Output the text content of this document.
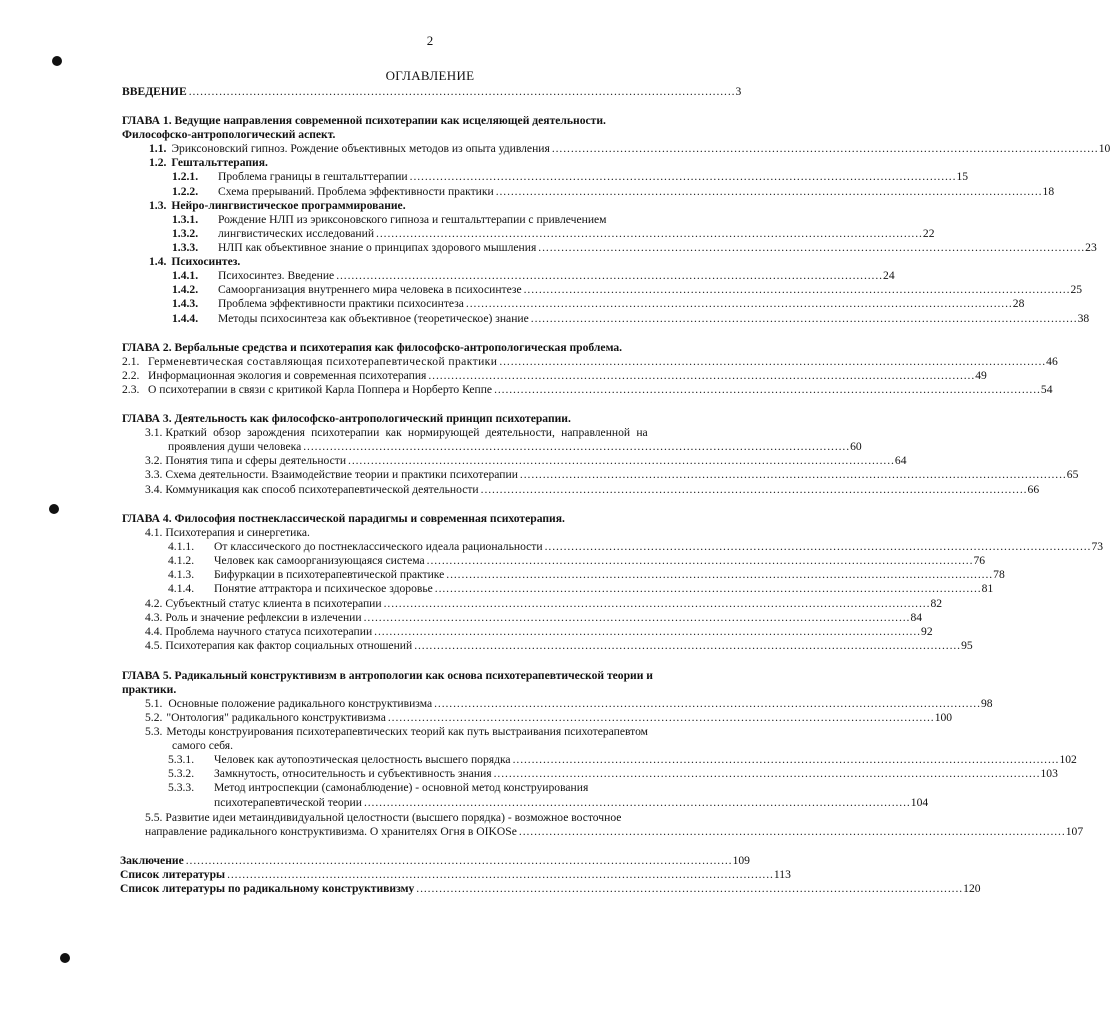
2
ОГЛАВЛЕНИЕ
ВВЕДЕНИЕ . . .	3
ГЛАВА 1. Ведущие направления современной психотерапии как исцеляющей деятельности.
Философско-антропологический аспект.
1.1. Эриксоновский гипноз. Рождение объективных методов из опыта удивления . . .	10
1.2. Гештальттерапия.
1.2.1.	Проблема границы в гештальттерапии . . .	15
1.2.2.	Схема прерываний. Проблема эффективности практики . . .	18
1.3. Нейро-лингвистическое программирование.
1.3.1. Рождение НЛП из эриксоновского гипноза и гештальттерапии с привлечением
1.3.2.	лингвистических исследований . . .	22
1.3.3.	НЛП как объективное знание о принципах здорового мышления . . .	23
1.4. Психосинтез.
1.4.1.	Психосинтез. Введение . . .	24
1.4.2.	Самоорганизация внутреннего мира человека в психосинтезе . . .	25
1.4.3.	Проблема эффективности практики психосинтеза . . .	28
1.4.4.	Методы психосинтеза как объективное (теоретическое) знание . . .	38
ГЛАВА 2. Вербальные средства и психотерапия как философско-антропологическая проблема.
2.1. Герменевтическая составляющая психотерапевтической практики . . .	46
2.2. Информационная экология и современная психотерапия . . .	49
2.3. О психотерапии в связи с критикой Карла Поппера и Норберто Кеппе . . .	54
ГЛАВА 3. Деятельность как философско-антропологический принцип психотерапии.
3.1. Краткий обзор зарождения психотерапии как нормирующей деятельности, направленной на
проявления души человека . . .	60
3.2. Понятия типа и сферы деятельности . . .	64
3.3. Схема деятельности. Взаимодействие теории и практики психотерапии . . .	65
3.4. Коммуникация как способ психотерапевтической деятельности . . .	66
ГЛАВА 4. Философия постнеклассической парадигмы и современная психотерапия.
4.1. Психотерапия и синергетика.
4.1.1.	От классического до постнеклассического идеала рациональности . . .	73
4.1.2.	Человек как самоорганизующаяся система . . .	76
4.1.3.	Бифуркации в психотерапевтической практике . . .	78
4.1.4.	Понятие аттрактора и психическое здоровье . . .	81
4.2. Субъектный статус клиента в психотерапии . . .	82
4.3. Роль и значение рефлексии в излечении . . .	84
4.4. Проблема научного статуса психотерапии . . .	92
4.5. Психотерапия как фактор социальных отношений . . .	95
ГЛАВА 5. Радикальный конструктивизм в антропологии как основа психотерапевтической теории и
практики.
5.1. Основные положение радикального конструктивизма . . .	98
5.2. "Онтология" радикального конструктивизма . . .	100
5.3. Методы конструирования психотерапевтических теорий как путь выстраивания психотерапевтом
самого себя.
5.3.1.	Человек как аутопоэтическая целостность высшего порядка . . .	102
5.3.2.	Замкнутость, относительность и субъективность знания . . .	103
5.3.3. Метод интроспекции (самонаблюдение) - основной метод конструирования
психотерапевтической теории . . .	104
5.5. Развитие идеи метаиндивидуальной целостности (высшего порядка) - возможное восточное
направление радикального конструктивизма. О хранителях Огня в OIKOSe . . .	107
Заключение . . .	109
Список литературы . . .	113
Список литературы по радикальному конструктивизму . . .	120
